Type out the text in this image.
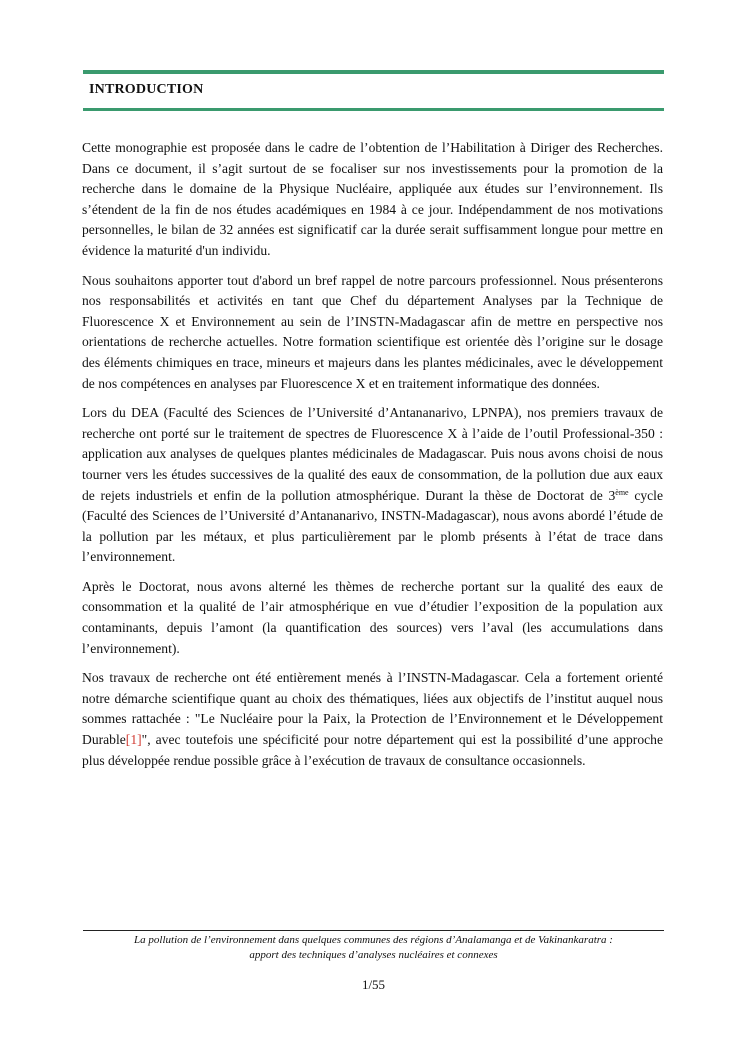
INTRODUCTION

Cette monographie est proposée dans le cadre de l’obtention de l’Habilitation à Diriger des Recherches. Dans ce document, il s’agit surtout de se focaliser sur nos investissements pour la promotion de la recherche dans le domaine de la Physique Nucléaire, appliquée aux études sur l’environnement. Ils s’étendent de la fin de nos études académiques en 1984 à ce jour. Indépendamment de nos motivations personnelles, le bilan de 32 années est significatif car la durée serait suffisamment longue pour mettre en évidence la maturité d'un individu.

Nous souhaitons apporter tout d'abord un bref rappel de notre parcours professionnel. Nous présenterons nos responsabilités et activités en tant que Chef du département Analyses par la Technique de Fluorescence X et Environnement au sein de l’INSTN-Madagascar afin de mettre en perspective nos orientations de recherche actuelles. Notre formation scientifique est orientée dès l’origine sur le dosage des éléments chimiques en trace, mineurs et majeurs dans les plantes médicinales, avec le développement de nos compétences en analyses par Fluorescence X et en traitement informatique des données.

Lors du DEA (Faculté des Sciences de l’Université d’Antananarivo, LPNPA), nos premiers travaux de recherche ont porté sur le traitement de spectres de Fluorescence X à l’aide de l’outil Professional-350 : application aux analyses de quelques plantes médicinales de Madagascar. Puis nous avons choisi de nous tourner vers les études successives de la qualité des eaux de consommation, de la pollution due aux eaux de rejets industriels et enfin de la pollution atmosphérique. Durant la thèse de Doctorat de 3ème cycle (Faculté des Sciences de l’Université d’Antananarivo, INSTN-Madagascar), nous avons abordé l’étude de la pollution par les métaux, et plus particulièrement par le plomb présents à l’état de trace dans l’environnement.

Après le Doctorat, nous avons alterné les thèmes de recherche portant sur la qualité des eaux de consommation et la qualité de l’air atmosphérique en vue d’étudier l’exposition de la population aux contaminants, depuis l’amont (la quantification des sources) vers l’aval (les accumulations dans l’environnement).

Nos travaux de recherche ont été entièrement menés à l’INSTN-Madagascar. Cela a fortement orienté notre démarche scientifique quant au choix des thématiques, liées aux objectifs de l’institut auquel nous sommes rattachée : "Le Nucléaire pour la Paix, la Protection de l’Environnement et le Développement Durable[1]", avec toutefois une spécificité pour notre département qui est la possibilité d’une approche plus développée rendue possible grâce à l’exécution de travaux de consultance occasionnels.

La pollution de l’environnement dans quelques communes des régions d’Analamanga et de Vakinankaratra :
apport des techniques d’analyses nucléaires et connexes
1/55
